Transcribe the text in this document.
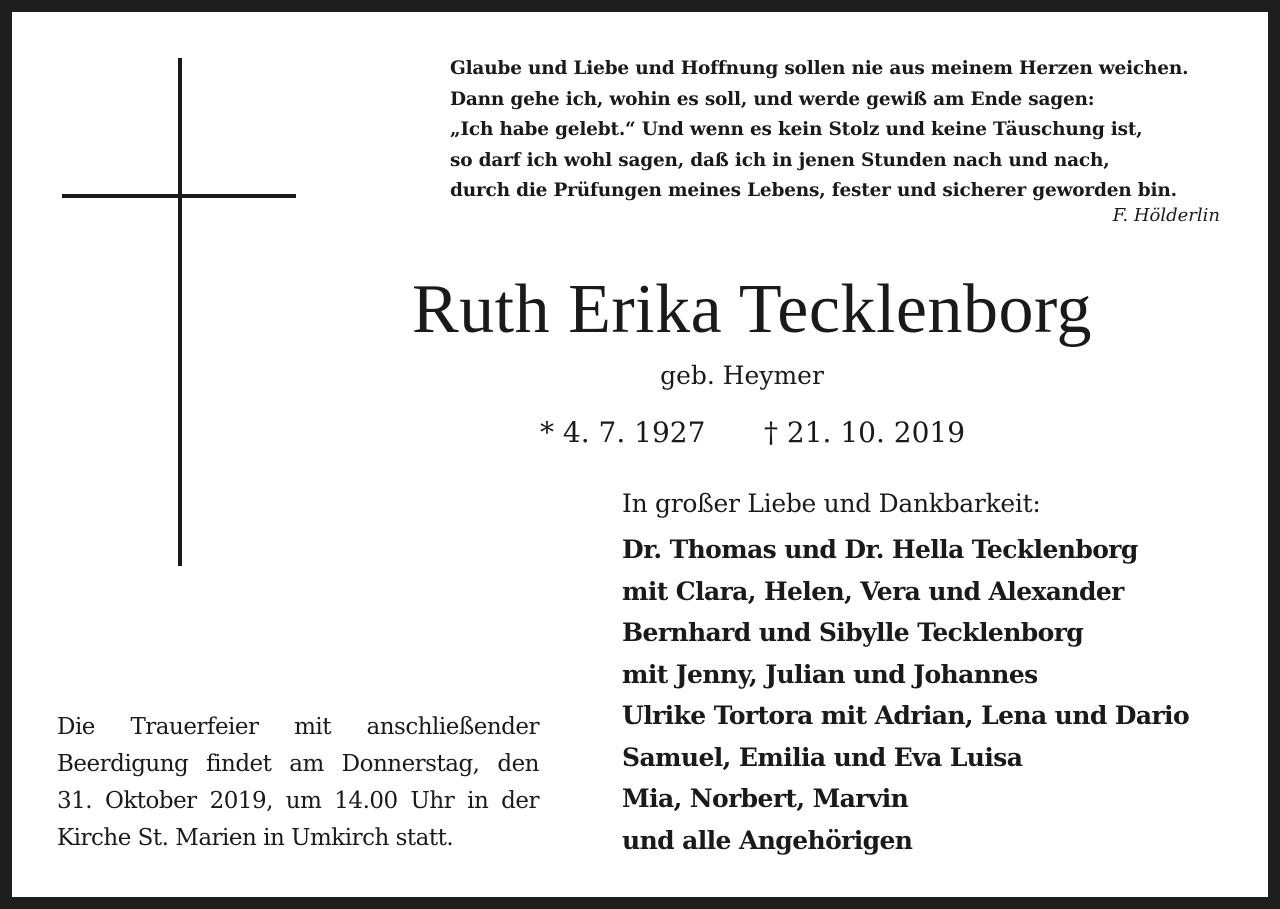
Glaube und Liebe und Hoffnung sollen nie aus meinem Herzen weichen.
Dann gehe ich, wohin es soll, und werde gewiß am Ende sagen:
„Ich habe gelebt.“ Und wenn es kein Stolz und keine Täuschung ist,
so darf ich wohl sagen, daß ich in jenen Stunden nach und nach,
durch die Prüfungen meines Lebens, fester und sicherer geworden bin.
F. Hölderlin
Ruth Erika Tecklenborg
geb. Heymer
* 4. 7. 1927 † 21. 10. 2019
In großer Liebe und Dankbarkeit:
Dr. Thomas und Dr. Hella Tecklenborg
mit Clara, Helen, Vera und Alexander
Bernhard und Sibylle Tecklenborg
mit Jenny, Julian und Johannes
Ulrike Tortora mit Adrian, Lena und Dario
Samuel, Emilia und Eva Luisa
Mia, Norbert, Marvin
und alle Angehörigen
Die Trauerfeier mit anschließender
Beerdigung findet am Donnerstag, den
31. Oktober 2019, um 14.00 Uhr in der
Kirche St. Marien in Umkirch statt.
